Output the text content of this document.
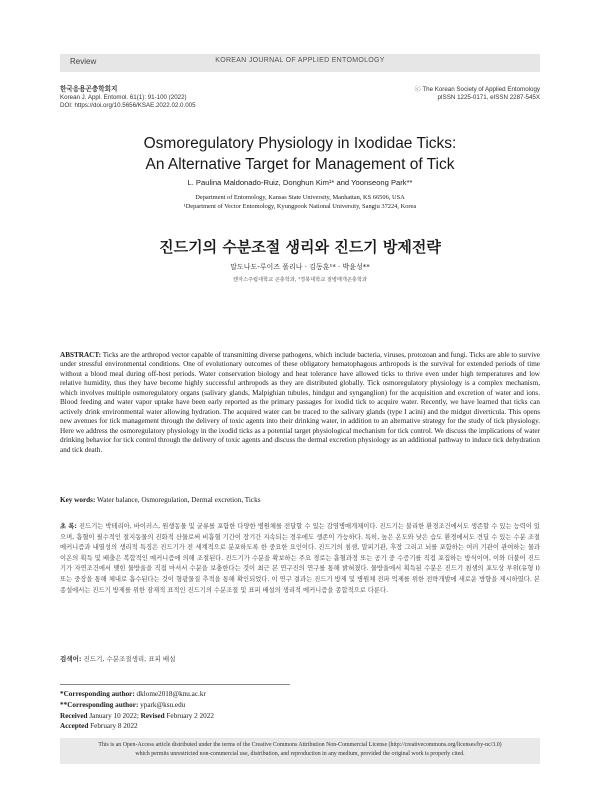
Review	KOREAN JOURNAL OF APPLIED ENTOMOLOGY
한국응용곤충학회지
Korean J. Appl. Entomol. 61(1): 91-100 (2022)
DOI: https://doi.org/10.5656/KSAE.2022.02.0.005
ⓒ The Korean Society of Applied Entomology
pISSN 1225-0171, eISSN 2287-545X
Osmoregulatory Physiology in Ixodidae Ticks:
An Alternative Target for Management of Tick
L. Paulina Maldonado-Ruiz, Donghun Kim¹* and Yoonseong Park**
Department of Entomology, Kansas State University, Manhattan, KS 66506, USA
¹Department of Vector Entomology, Kyungpook National University, Sangju 37224, Korea
진드기의 수분조절 생리와 진드기 방제전략
말도나도-루이즈 폴리나 · 김동훈¹* · 박윤성**
캔자스주립대학교 곤충학과, ¹경북대학교 질병매개곤충학과
ABSTRACT: Ticks are the arthropod vector capable of transmitting diverse pathogens, which include bacteria, viruses, protozoan and fungi. Ticks are able to survive under stressful environmental conditions. One of evolutionary outcomes of these obligatory hematophagous arthropods is the survival for extended periods of time without a blood meal during off-host periods. Water conservation biology and heat tolerance have allowed ticks to thrive even under high temperatures and low relative humidity, thus they have become highly successful arthropods as they are distributed globally. Tick osmoregulatory physiology is a complex mechanism, which involves multiple osmoregulatory organs (salivary glands, Malpighian tubules, hindgut and synganglion) for the acquisition and excretion of water and ions. Blood feeding and water vapor uptake have been early reported as the primary passages for ixodid tick to acquire water. Recently, we have learned that ticks can actively drink environmental water allowing hydration. The acquired water can be traced to the salivary glands (type I acini) and the midgut diverticula. This opens new avenues for tick management through the delivery of toxic agents into their drinking water, in addition to an alternative strategy for the study of tick physiology. Here we address the osmoregulatory physiology in the ixodid ticks as a potential target physiological mechanism for tick control. We discuss the implications of water drinking behavior for tick control through the delivery of toxic agents and discuss the dermal excretion physiology as an additional pathway to induce tick dehydration and tick death.
Key words: Water balance, Osmoregulation, Dermal excretion, Ticks
초 록: 진드기는 박테리아, 바이러스, 원생동물 및 균류를 포함한 다양한 병원체를 전달할 수 있는 감염병매개체이다. 진드기는 불리한 환경조건에서도 생존할 수 있는 능력이 있으며, 흡혈이 필수적인 절지동물의 진화적 산물로써 비흡혈 기간이 장기간 지속되는 경우에도 생존이 가능하다. 특히, 높은 온도와 낮은 습도 환경에서도 견딜 수 있는 수분 조절 메커니즘과 내열성의 생리적 특징은 진드기가 전 세계적으로 분포하도록 한 중요한 요인이다. 진드기의 침샘, 말피기관, 후장 그리고 뇌를 포함하는 여러 기관이 관여하는 물과 이온의 획득 및 배출은 복합적인 메커니즘에 의해 조절된다. 진드기가 수분을 확보하는 주요 경로는 흡혈과정 또는 공기 중 수증기를 직접 포집하는 방식이며, 이와 더불어 진드기가 자연조건에서 맺힌 물방울을 직접 마셔서 수분을 보충한다는 것이 최근 본 연구진의 연구를 통해 밝혀졌다. 물방울에서 획득된 수분은 진드기 침샘의 포도상 부위(유형 I) 또는 중장을 통해 체내로 흡수된다는 것이 형광물질 추적을 통해 확인되었다. 이 연구 결과는 진드기 방제 및 병원체 전파 억제를 위한 전략개발에 새로운 방향을 제시하였다. 본 종설에서는 진드기 방제를 위한 잠재적 표적인 진드기의 수분조절 및 표피 배설의 생리적 메커니즘을 종합적으로 다룬다.
검색어: 진드기, 수분조절생리, 표피 배설
*Corresponding author: dklome2018@knu.ac.kr
**Corresponding author: ypark@ksu.edu
Received January 10 2022; Revised February 2 2022
Accepted February 8 2022
This is an Open-Access article distributed under the terms of the Creative Commons Attribution Non-Commercial License (http://creativecommons.org/licenses/by-nc/3.0)
which permits unrestricted non-commercial use, distribution, and reproduction in any medium, provided the original work is properly cited.
